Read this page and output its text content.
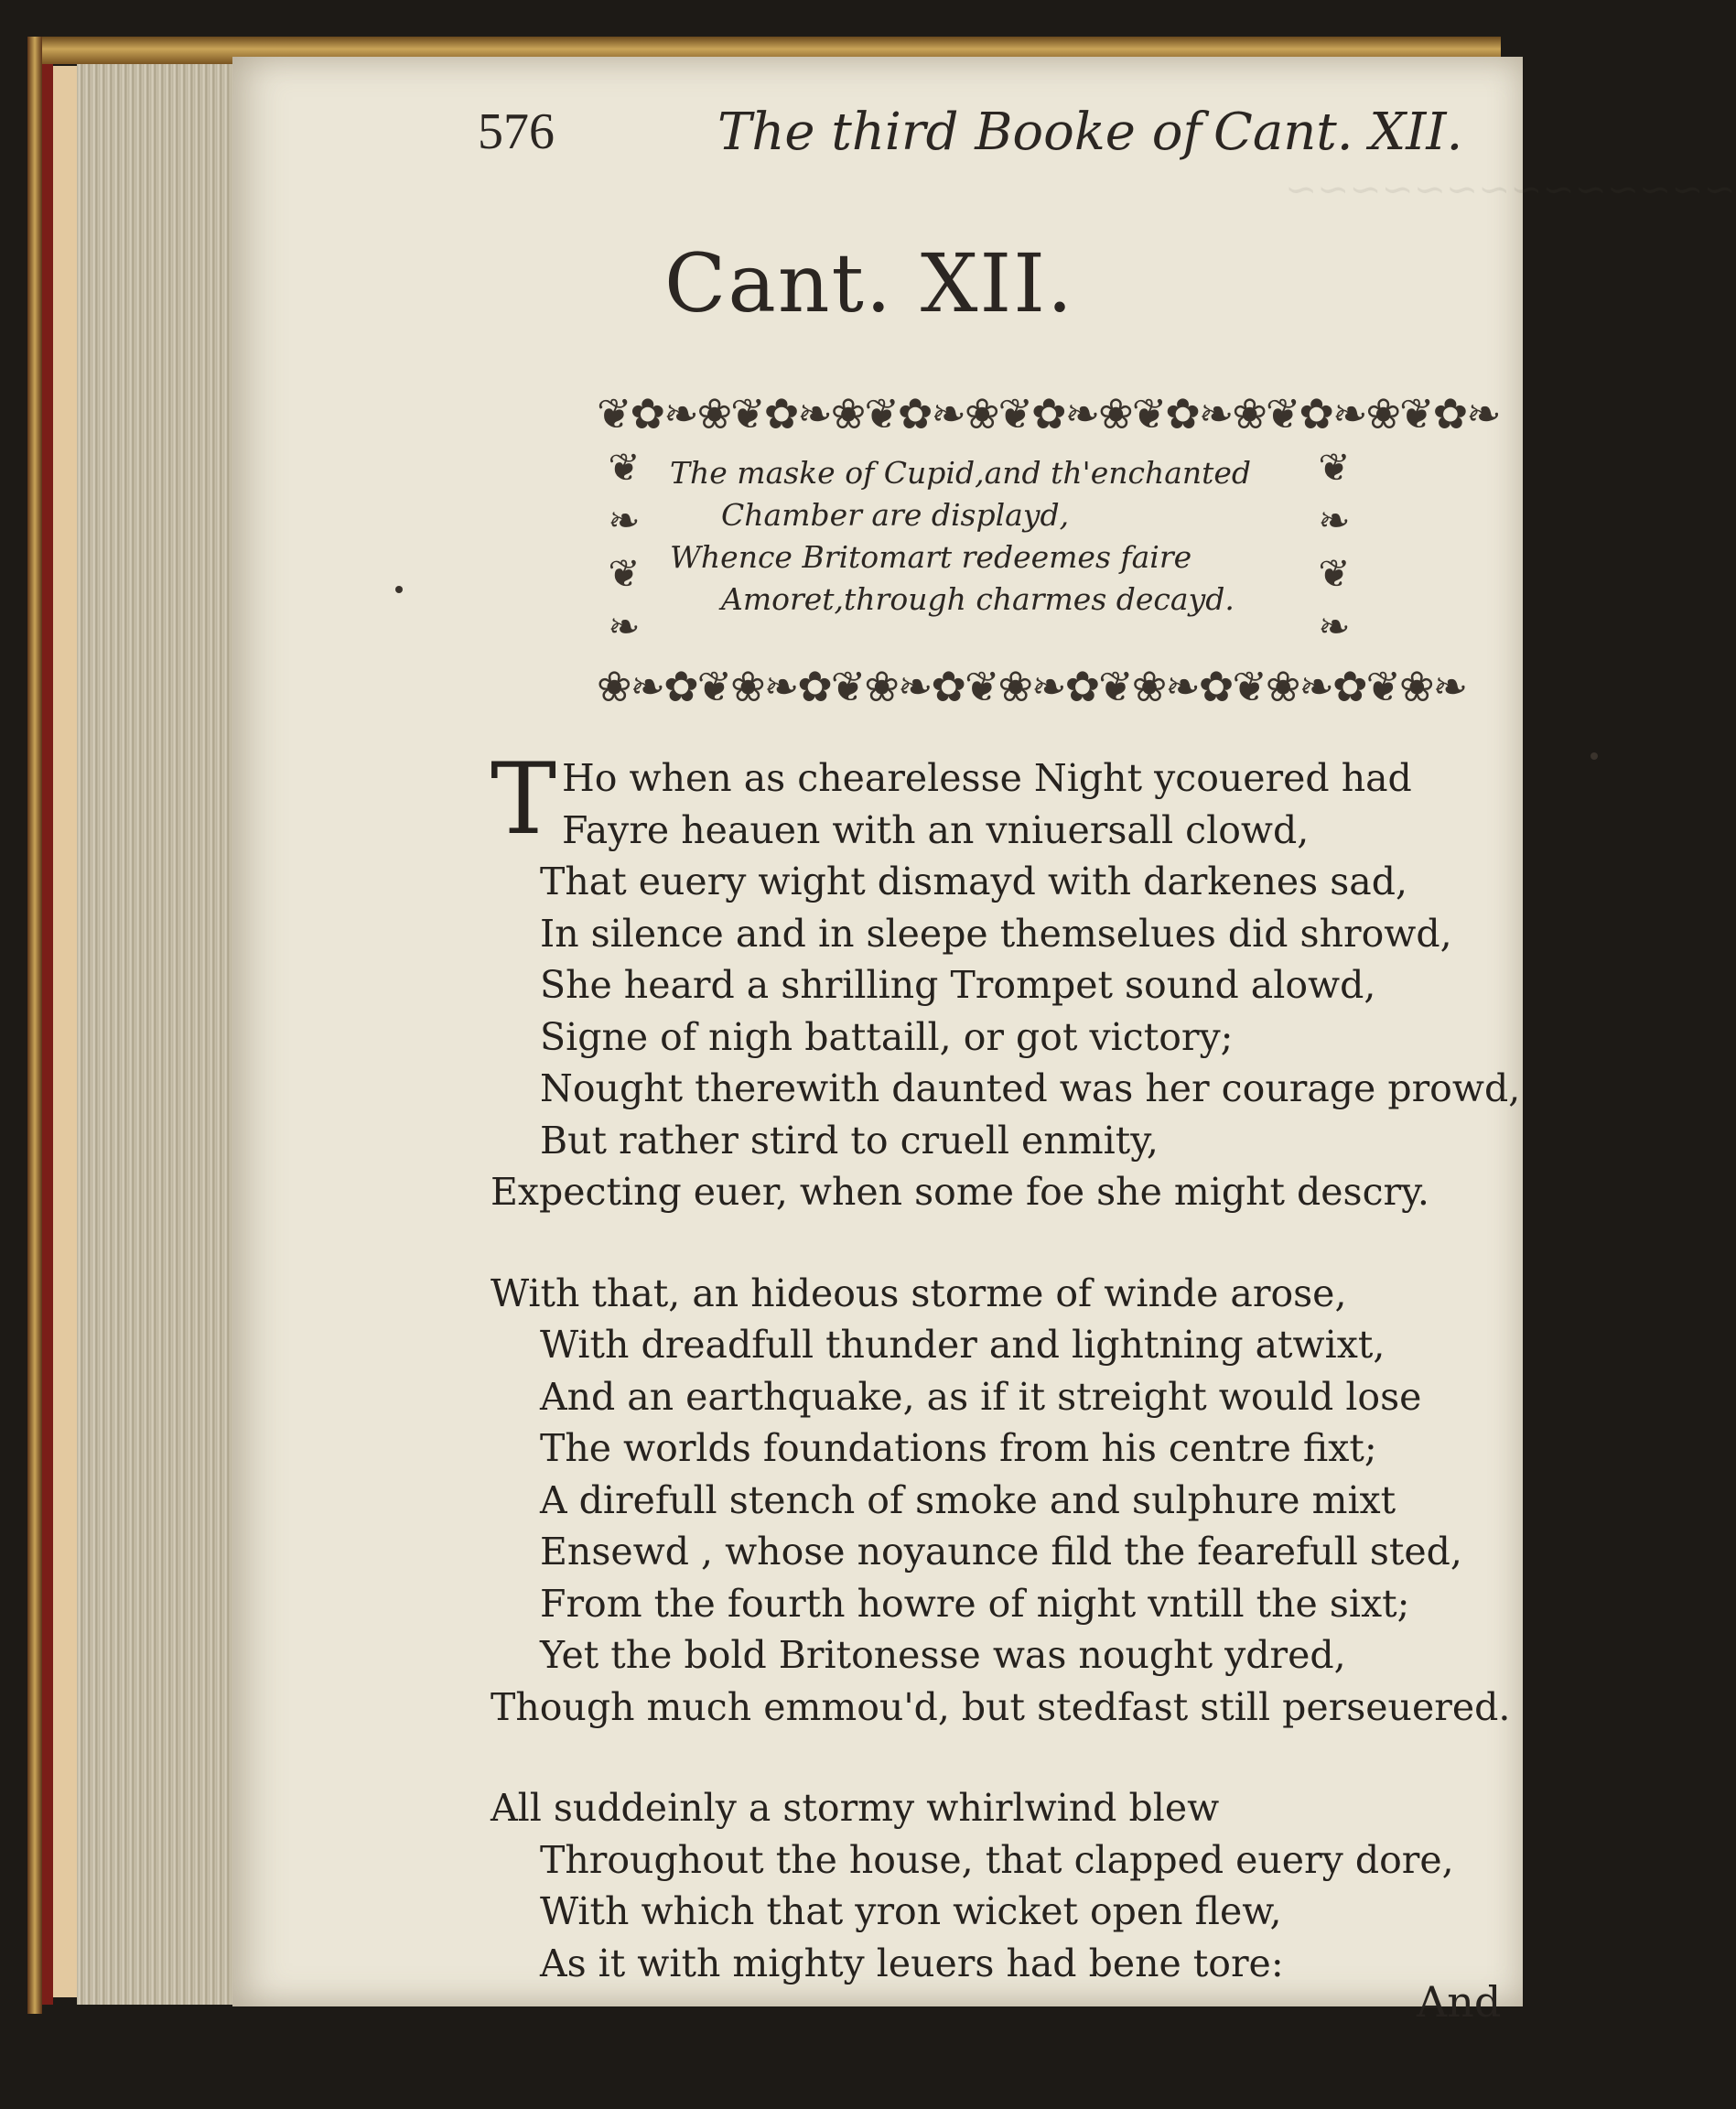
~~~~~~~~~~~~~~
576	The third Booke of Cant. XII.
Cant. XII.
❦✿❧❀❦✿❧❀❦✿❧❀❦✿❧❀❦✿❧❀❦✿❧❀❦✿❧
❦
❧
❦
❧
❦
❧
❦
❧
❀❧✿❦❀❧✿❦❀❧✿❦❀❧✿❦❀❧✿❦❀❧✿❦❀❧
The maske of Cupid,and th'enchanted
Chamber are displayd,
Whence Britomart redeemes faire
Amoret,through charmes decayd.
T Ho when as chearelesse Night ycouered had
Fayre heauen with an vniuersall clowd,
That euery wight dismayd with darkenes sad,
In silence and in sleepe themselues did shrowd,
She heard a shrilling Trompet sound alowd,
Signe of nigh battaill, or got victory;
Nought therewith daunted was her courage prowd,
But rather stird to cruell enmity,
Expecting euer, when some foe she might descry.
With that, an hideous storme of winde arose,
With dreadfull thunder and lightning atwixt,
And an earthquake, as if it streight would lose
The worlds foundations from his centre fixt;
A direfull stench of smoke and sulphure mixt
Ensewd , whose noyaunce fild the fearefull sted,
From the fourth howre of night vntill the sixt;
Yet the bold Britonesse was nought ydred,
Though much emmou'd, but stedfast still perseuered.
All suddeinly a stormy whirlwind blew
Throughout the house, that clapped euery dore,
With which that yron wicket open flew,
As it with mighty leuers had bene tore:
And
